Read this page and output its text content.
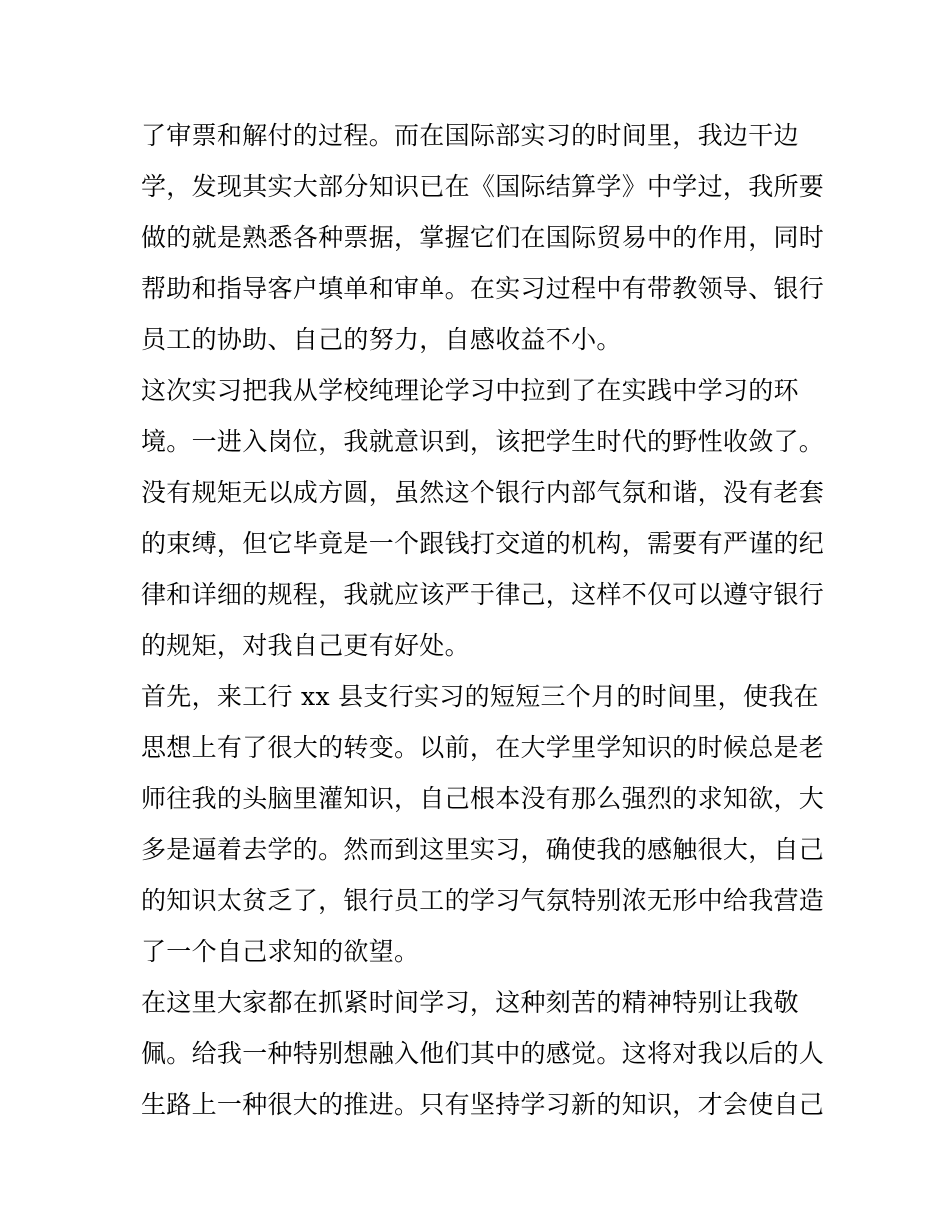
了审票和解付的过程。而在国际部实习的时间里，我边干边
学，发现其实大部分知识已在《国际结算学》中学过，我所要
做的就是熟悉各种票据，掌握它们在国际贸易中的作用，同时
帮助和指导客户填单和审单。在实习过程中有带教领导、银行
员工的协助、自己的努力，自感收益不小。
这次实习把我从学校纯理论学习中拉到了在实践中学习的环
境。一进入岗位，我就意识到，该把学生时代的野性收敛了。
没有规矩无以成方圆，虽然这个银行内部气氛和谐，没有老套
的束缚，但它毕竟是一个跟钱打交道的机构，需要有严谨的纪
律和详细的规程，我就应该严于律己，这样不仅可以遵守银行
的规矩，对我自己更有好处。
首先，来工行 xx 县支行实习的短短三个月的时间里，使我在
思想上有了很大的转变。以前，在大学里学知识的时候总是老
师往我的头脑里灌知识，自己根本没有那么强烈的求知欲，大
多是逼着去学的。然而到这里实习，确使我的感触很大，自己
的知识太贫乏了，银行员工的学习气氛特别浓无形中给我营造
了一个自己求知的欲望。
在这里大家都在抓紧时间学习，这种刻苦的精神特别让我敬
佩。给我一种特别想融入他们其中的感觉。这将对我以后的人
生路上一种很大的推进。只有坚持学习新的知识，才会使自己
